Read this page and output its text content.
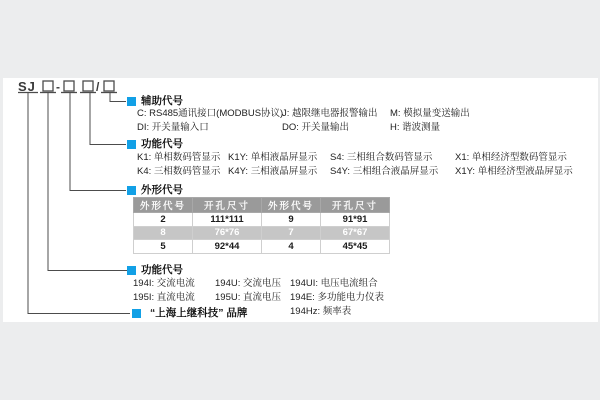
SJ -	/
辅助代号
C: RS485通讯接口(MODBUS协议)
J: 越限继电器报警输出 M: 模拟量变送输出
DI: 开关量输入口	DO: 开关量输出	H: 谐波测量
功能代号
K1: 单相数码管显示 K1Y: 单相液晶屏显示 S4: 三相组合数码管显示 X1: 单相经济型数码管显示
K4: 三相数码管显示 K4Y: 三相液晶屏显示 S4Y: 三相组合液晶屏显示 X1Y: 单相经济型液晶屏显示
外形代号
外形代号	开孔尺寸	外形代号	开孔尺寸
2	111*111	9	91*91
8	76*76	7	67*67
5	92*44	4	45*45
功能代号
194I: 交流电流 194U: 交流电压 194UI: 电压电流组合
195I: 直流电流 195U: 直流电压 194E: 多功能电力仪表
194Hz: 频率表
“上海上继科技” 品牌
